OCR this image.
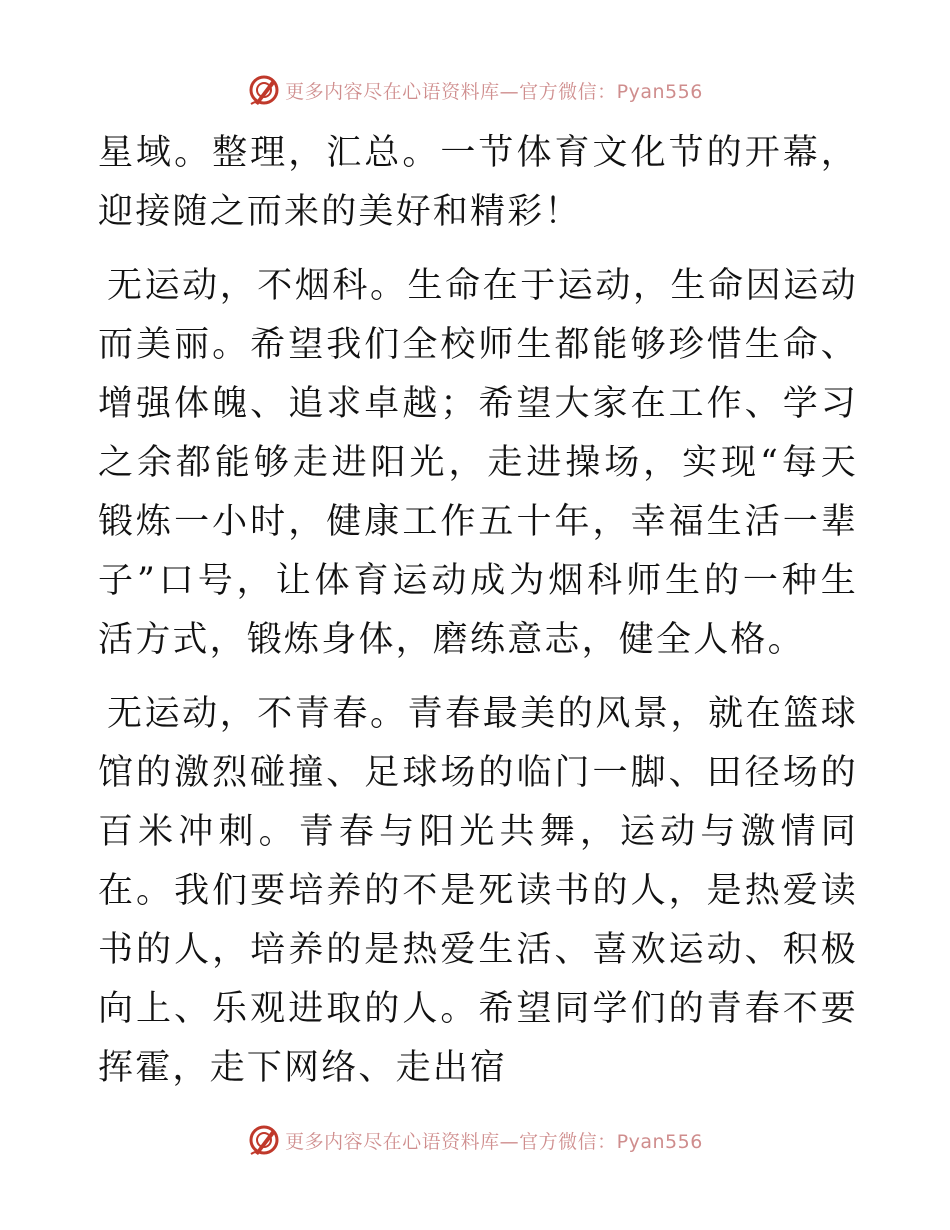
更多内容尽在心语资料库—官方微信：Pyan556

星域。整理，汇总。一节体育文化节的开幕，迎接随之而来的美好和精彩！

无运动，不烟科。生命在于运动，生命因运动而美丽。希望我们全校师生都能够珍惜生命、增强体魄、追求卓越；希望大家在工作、学习之余都能够走进阳光，走进操场，实现“每天锻炼一小时，健康工作五十年，幸福生活一辈子”口号，让体育运动成为烟科师生的一种生活方式，锻炼身体，磨练意志，健全人格。

无运动，不青春。青春最美的风景，就在篮球馆的激烈碰撞、足球场的临门一脚、田径场的百米冲刺。青春与阳光共舞，运动与激情同在。我们要培养的不是死读书的人，是热爱读书的人，培养的是热爱生活、喜欢运动、积极向上、乐观进取的人。希望同学们的青春不要挥霍，走下网络、走出宿

更多内容尽在心语资料库—官方微信：Pyan556
